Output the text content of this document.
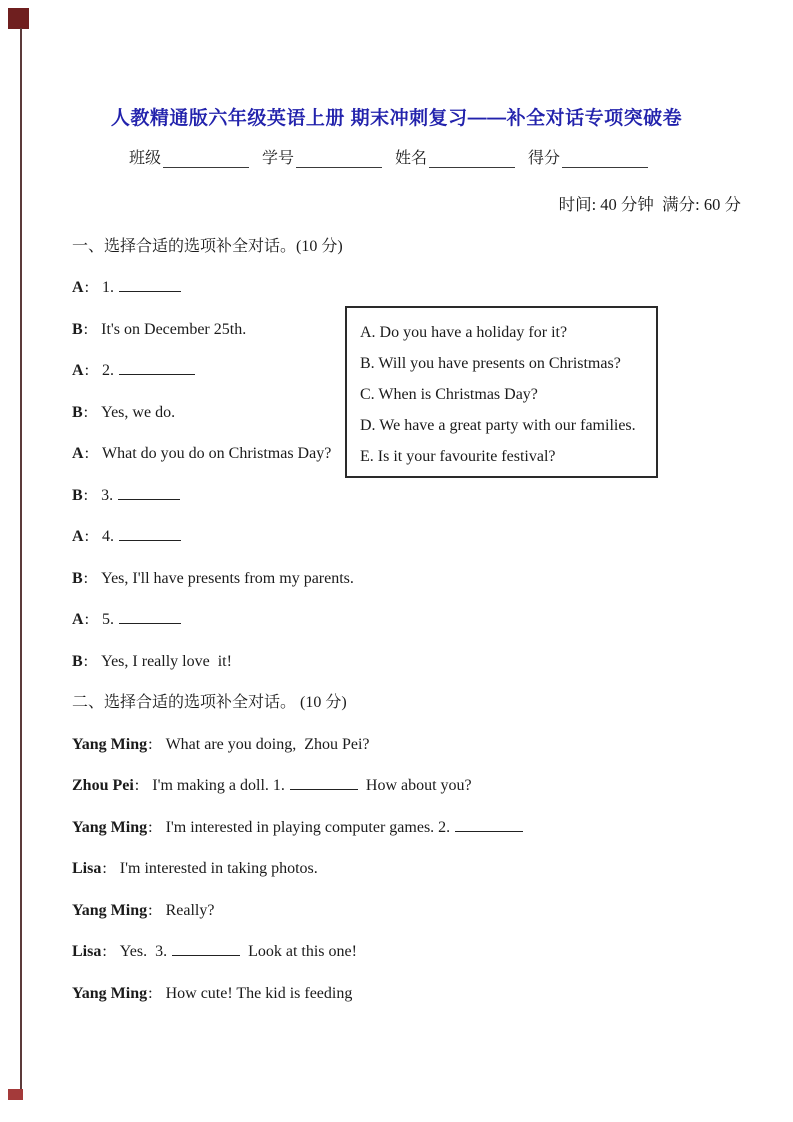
人教精通版六年级英语上册 期末冲刺复习——补全对话专项突破卷
班级	学号	姓名	得分
时间: 40 分钟  满分: 60 分
一、选择合适的选项补全对话。(10 分)
A. Do you have a holiday for it?
B. Will you have presents on Christmas?
C. When is Christmas Day?
D. We have a great party with our families.
E. Is it your favourite festival?
A: 1.
B: It's on December 25th.
A: 2.
B: Yes, we do.
A: What do you do on Christmas Day?
B: 3.
A: 4.
B: Yes, I'll have presents from my parents.
A: 5.
B: Yes, I really love  it!
二、选择合适的选项补全对话。 (10 分)
Yang Ming: What are you doing,  Zhou Pei?
Zhou Pei: I'm making a doll. 1.	How about you?
Yang Ming: I'm interested in playing computer games. 2.
Lisa: I'm interested in taking photos.
Yang Ming: Really?
Lisa: Yes.  3.	Look at this one!
Yang Ming: How cute! The kid is feeding
